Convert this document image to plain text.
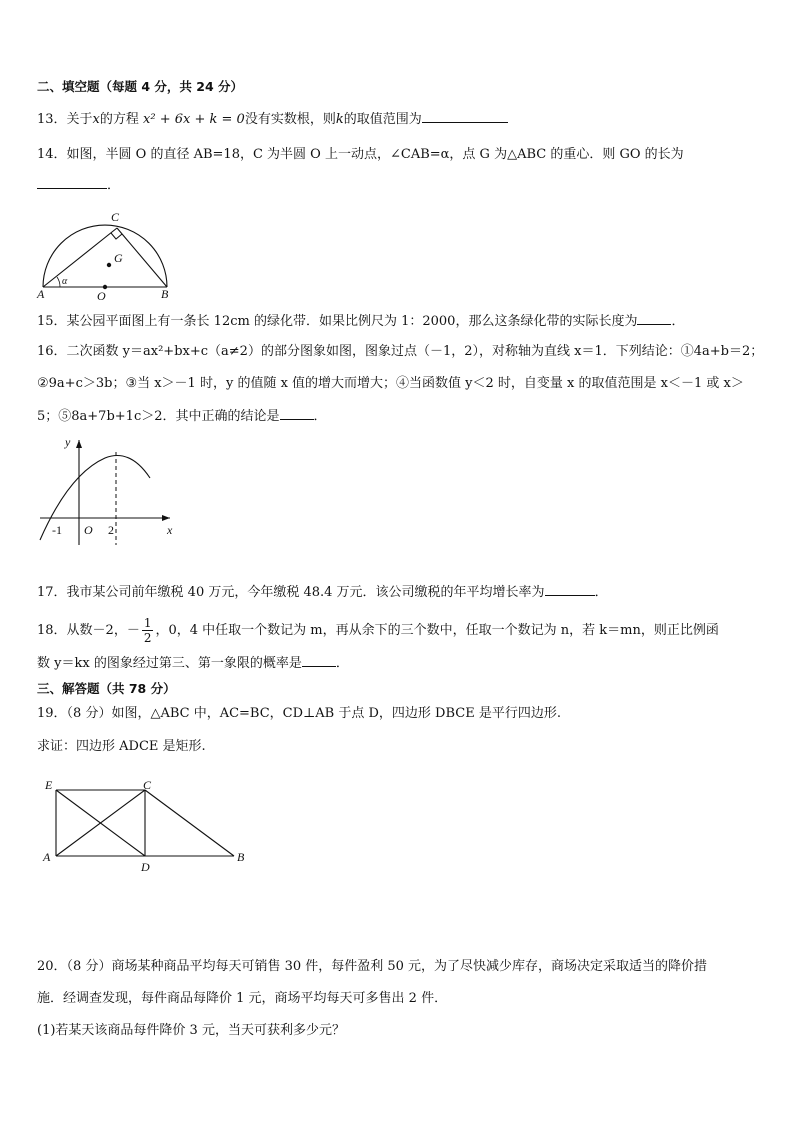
二、填空题（每题 4 分，共 24 分）
13．关于x的方程 x² + 6x + k = 0没有实数根，则k的取值范围为
14．如图，半圆 O 的直径 AB=18，C 为半圆 O 上一动点，∠CAB=α，点 G 为△ABC 的重心．则 GO 的长为
．
C
G
A	B
O
α
15．某公园平面图上有一条长 12cm 的绿化带．如果比例尺为 1：2000，那么这条绿化带的实际长度为	．
16．二次函数 y＝ax²+bx+c（a≠2）的部分图象如图，图象过点（－1，2），对称轴为直线 x＝1．下列结论：①4a+b＝2；
②9a+c＞3b；③当 x＞－1 时，y 的值随 x 值的增大而增大；④当函数值 y＜2 时，自变量 x 的取值范围是 x＜－1 或 x＞
5；⑤8a+7b+1c＞2．其中正确的结论是	．
y
x
-1 O 2
17．我市某公司前年缴税 40 万元，今年缴税 48.4 万元．该公司缴税的年平均增长率为	．
18．从数－2，－ $\frac{1}{2}$ ，0，4 中任取一个数记为 m，再从余下的三个数中，任取一个数记为 n，若 k＝mn，则正比例函
数 y＝kx 的图象经过第三、第一象限的概率是	．
三、解答题（共 78 分）
19．（8 分）如图，△ABC 中，AC=BC，CD⊥AB 于点 D，四边形 DBCE 是平行四边形.
求证：四边形 ADCE 是矩形.
E	C
A
D
B
20．（8 分）商场某种商品平均每天可销售 30 件，每件盈利 50 元，为了尽快减少库存，商场决定采取适当的降价措
施．经调查发现，每件商品每降价 1 元，商场平均每天可多售出 2 件．
(1)若某天该商品每件降价 3 元，当天可获利多少元？
